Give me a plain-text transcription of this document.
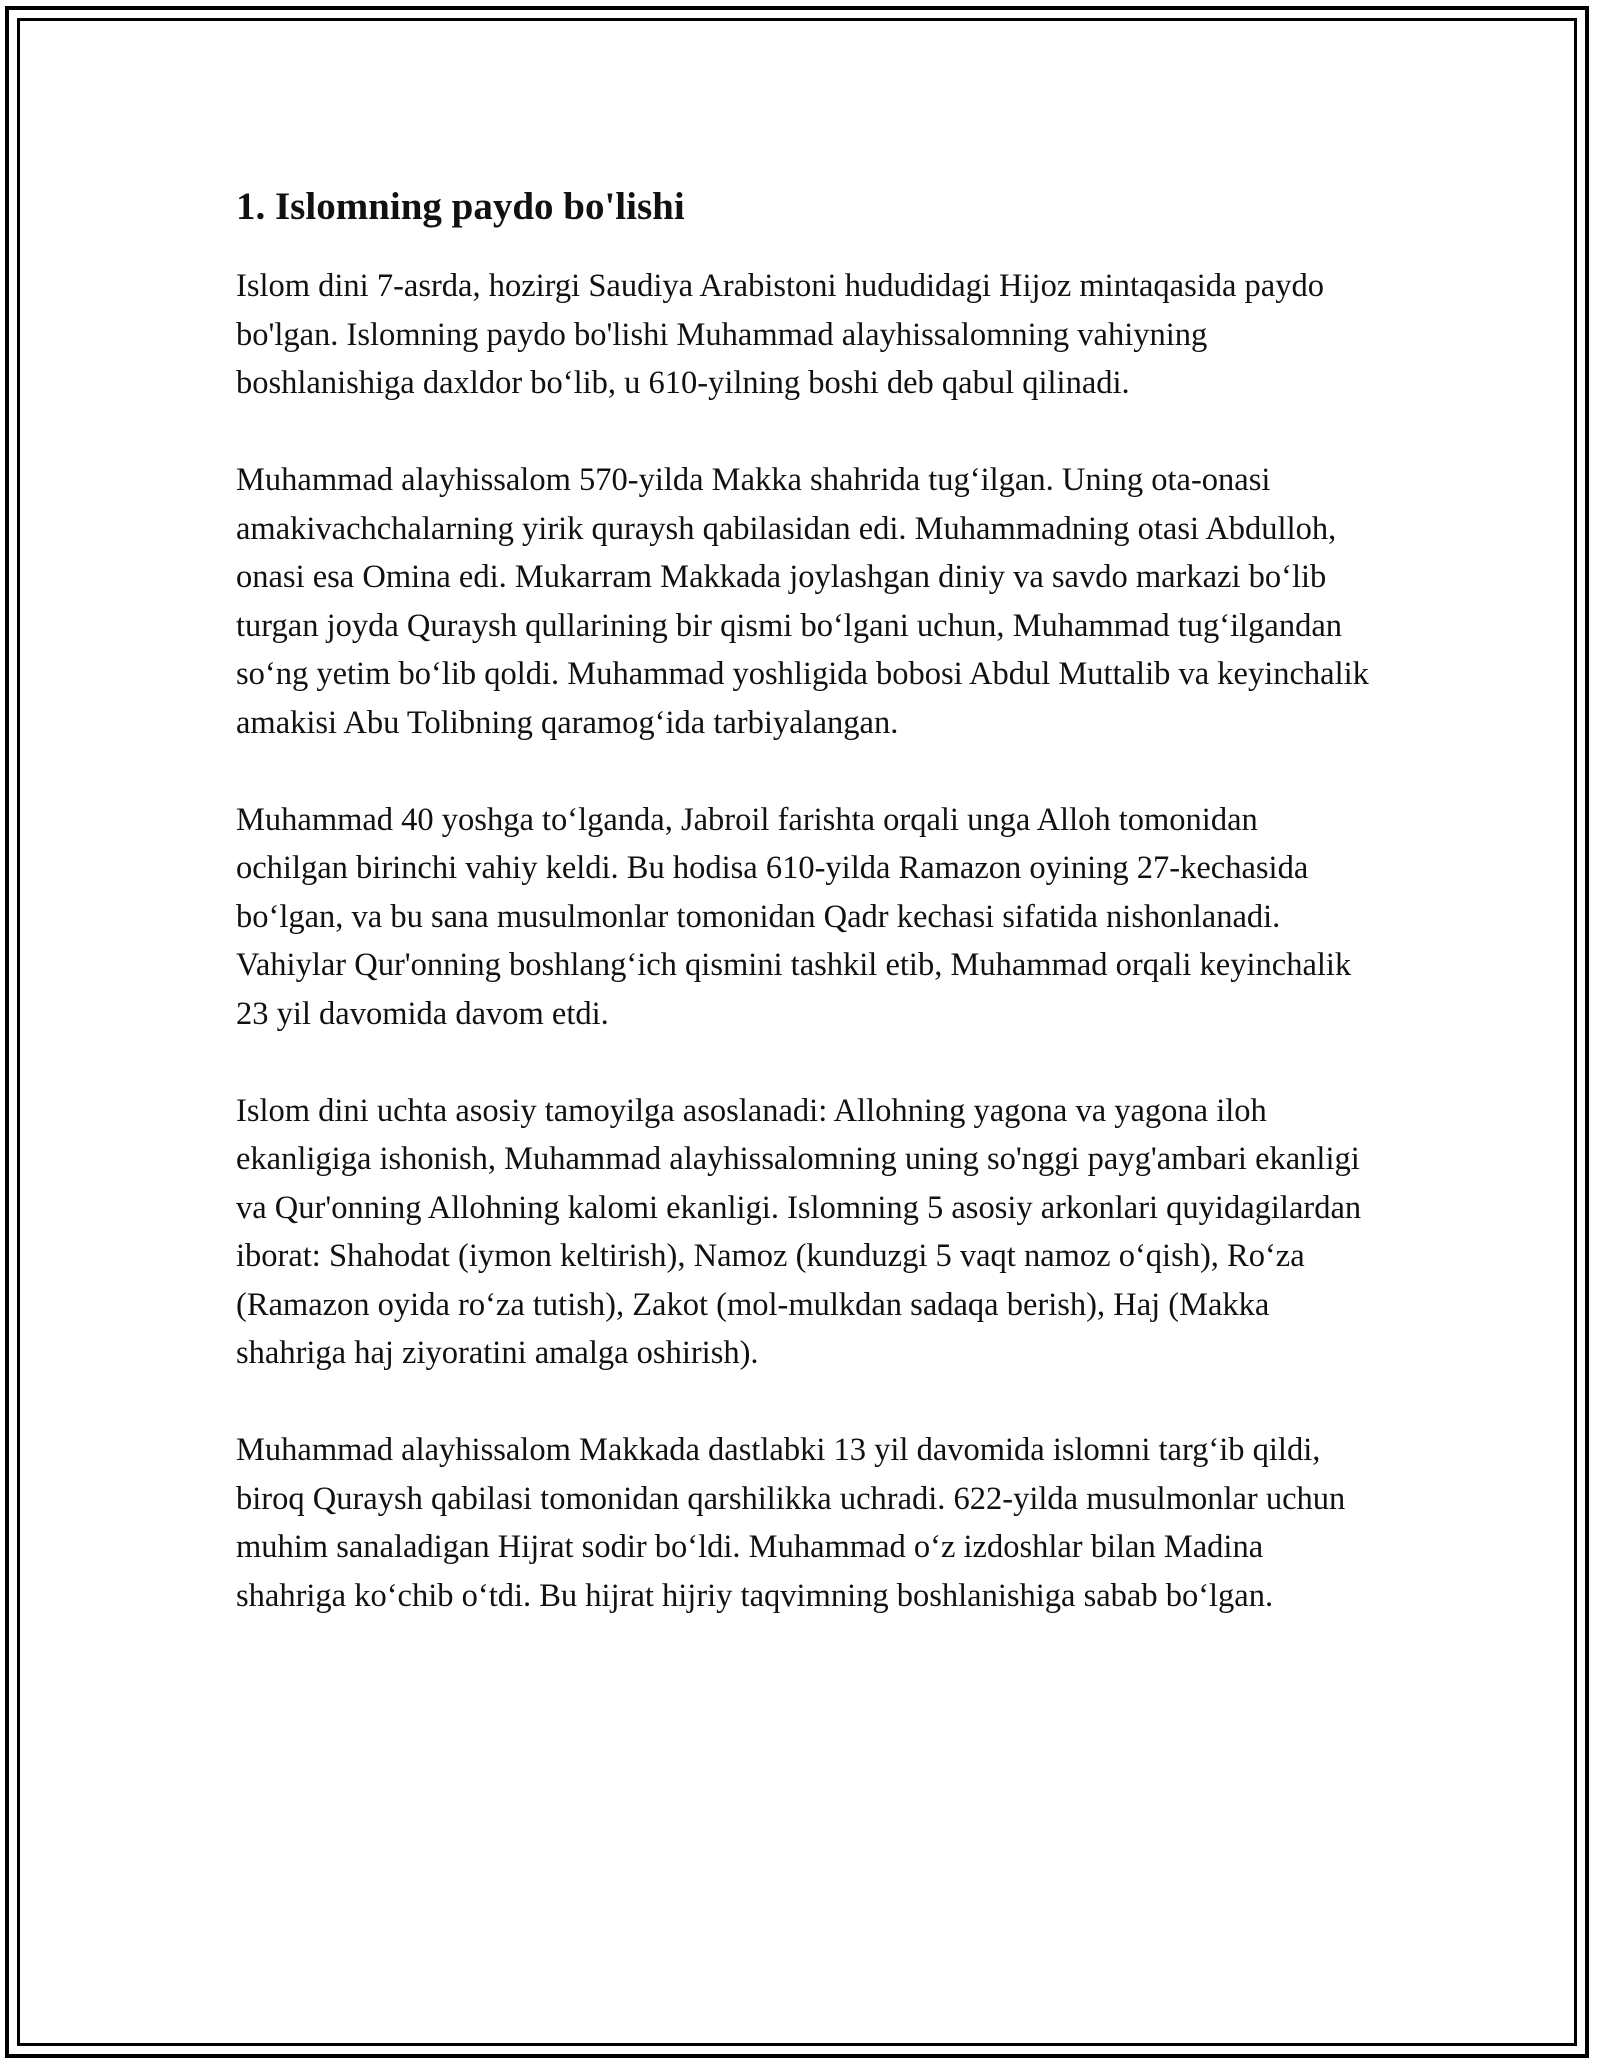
1. Islomning paydo bo'lishi

Islom dini 7-asrda, hozirgi Saudiya Arabistoni hududidagi Hijoz mintaqasida paydo bo'lgan. Islomning paydo bo'lishi Muhammad alayhissalomning vahiyning boshlanishiga daxldor bo‘lib, u 610-yilning boshi deb qabul qilinadi.

Muhammad alayhissalom 570-yilda Makka shahrida tug‘ilgan. Uning ota-onasi amakivachchalarning yirik quraysh qabilasidan edi. Muhammadning otasi Abdulloh, onasi esa Omina edi. Mukarram Makkada joylashgan diniy va savdo markazi bo‘lib turgan joyda Quraysh qullarining bir qismi bo‘lgani uchun, Muhammad tug‘ilgandan so‘ng yetim bo‘lib qoldi. Muhammad yoshligida bobosi Abdul Muttalib va keyinchalik amakisi Abu Tolibning qaramog‘ida tarbiyalangan.

Muhammad 40 yoshga to‘lganda, Jabroil farishta orqali unga Alloh tomonidan ochilgan birinchi vahiy keldi. Bu hodisa 610-yilda Ramazon oyining 27-kechasida bo‘lgan, va bu sana musulmonlar tomonidan Qadr kechasi sifatida nishonlanadi. Vahiylar Qur'onning boshlang‘ich qismini tashkil etib, Muhammad orqali keyinchalik 23 yil davomida davom etdi.

Islom dini uchta asosiy tamoyilga asoslanadi: Allohning yagona va yagona iloh ekanligiga ishonish, Muhammad alayhissalomning uning so'nggi payg'ambari ekanligi va Qur'onning Allohning kalomi ekanligi. Islomning 5 asosiy arkonlari quyidagilardan iborat: Shahodat (iymon keltirish), Namoz (kunduzgi 5 vaqt namoz o‘qish), Ro‘za (Ramazon oyida ro‘za tutish), Zakot (mol-mulkdan sadaqa berish), Haj (Makka shahriga haj ziyoratini amalga oshirish).

Muhammad alayhissalom Makkada dastlabki 13 yil davomida islomni targ‘ib qildi, biroq Quraysh qabilasi tomonidan qarshilikka uchradi. 622-yilda musulmonlar uchun muhim sanaladigan Hijrat sodir bo‘ldi. Muhammad o‘z izdoshlar bilan Madina shahriga ko‘chib o‘tdi. Bu hijrat hijriy taqvimning boshlanishiga sabab bo‘lgan.
